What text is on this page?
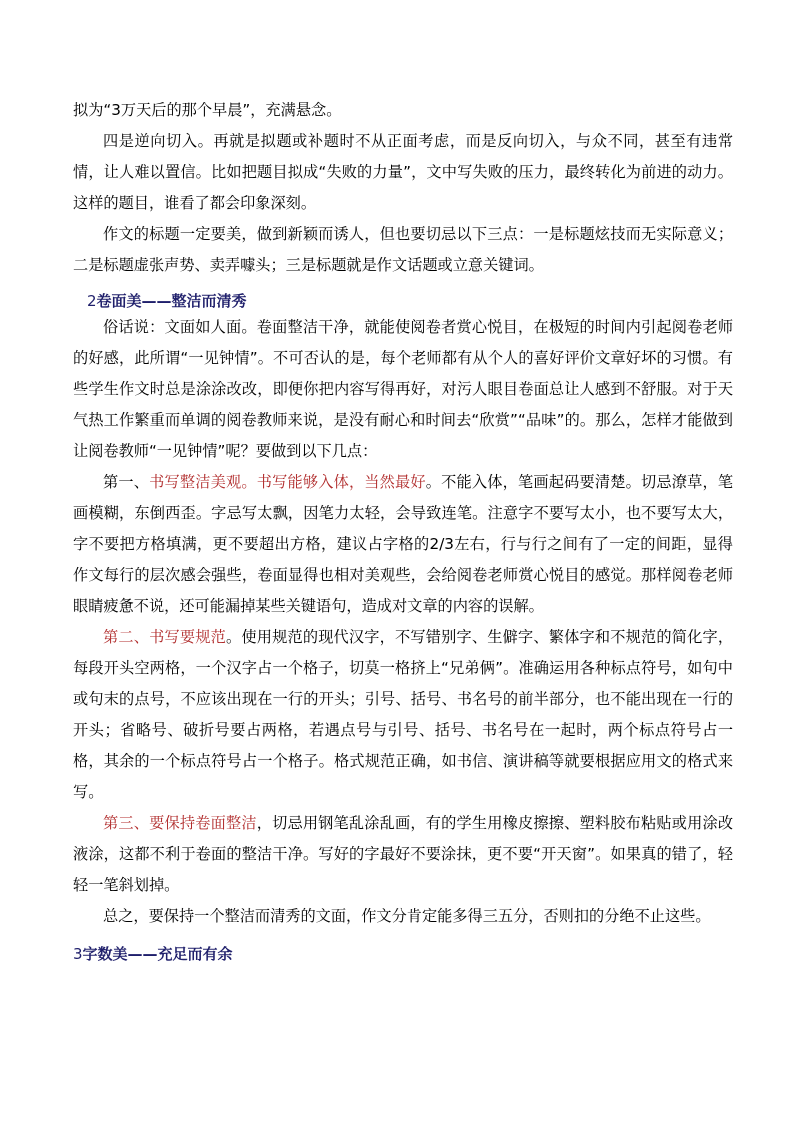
拟为“3万天后的那个早晨”，充满悬念。

四是逆向切入。再就是拟题或补题时不从正面考虑，而是反向切入，与众不同，甚至有违常情，让人难以置信。比如把题目拟成“失败的力量”，文中写失败的压力，最终转化为前进的动力。这样的题目，谁看了都会印象深刻。

作文的标题一定要美，做到新颖而诱人，但也要切忌以下三点：一是标题炫技而无实际意义；二是标题虚张声势、卖弄噱头；三是标题就是作文话题或立意关键词。

2卷面美——整洁而清秀

俗话说：文面如人面。卷面整洁干净，就能使阅卷者赏心悦目，在极短的时间内引起阅卷老师的好感，此所谓“一见钟情”。不可否认的是，每个老师都有从个人的喜好评价文章好坏的习惯。有些学生作文时总是涂涂改改，即便你把内容写得再好，对污人眼目卷面总让人感到不舒服。对于天气热工作繁重而单调的阅卷教师来说，是没有耐心和时间去“欣赏”“品味”的。那么，怎样才能做到让阅卷教师“一见钟情”呢？要做到以下几点：

第一、书写整洁美观。书写能够入体，当然最好。不能入体，笔画起码要清楚。切忌潦草，笔画模糊，东倒西歪。字忌写太飘，因笔力太轻，会导致连笔。注意字不要写太小，也不要写太大，字不要把方格填满，更不要超出方格，建议占字格的2/3左右，行与行之间有了一定的间距，显得作文每行的层次感会强些，卷面显得也相对美观些，会给阅卷老师赏心悦目的感觉。那样阅卷老师眼睛疲惫不说，还可能漏掉某些关键语句，造成对文章的内容的误解。

第二、书写要规范。使用规范的现代汉字，不写错别字、生僻字、繁体字和不规范的简化字，每段开头空两格，一个汉字占一个格子，切莫一格挤上“兄弟俩”。准确运用各种标点符号，如句中或句末的点号，不应该出现在一行的开头；引号、括号、书名号的前半部分，也不能出现在一行的开头；省略号、破折号要占两格，若遇点号与引号、括号、书名号在一起时，两个标点符号占一格，其余的一个标点符号占一个格子。格式规范正确，如书信、演讲稿等就要根据应用文的格式来写。

第三、要保持卷面整洁，切忌用钢笔乱涂乱画，有的学生用橡皮擦擦、塑料胶布粘贴或用涂改液涂，这都不利于卷面的整洁干净。写好的字最好不要涂抹，更不要“开天窗”。如果真的错了，轻轻一笔斜划掉。

总之，要保持一个整洁而清秀的文面，作文分肯定能多得三五分，否则扣的分绝不止这些。

3字数美——充足而有余
